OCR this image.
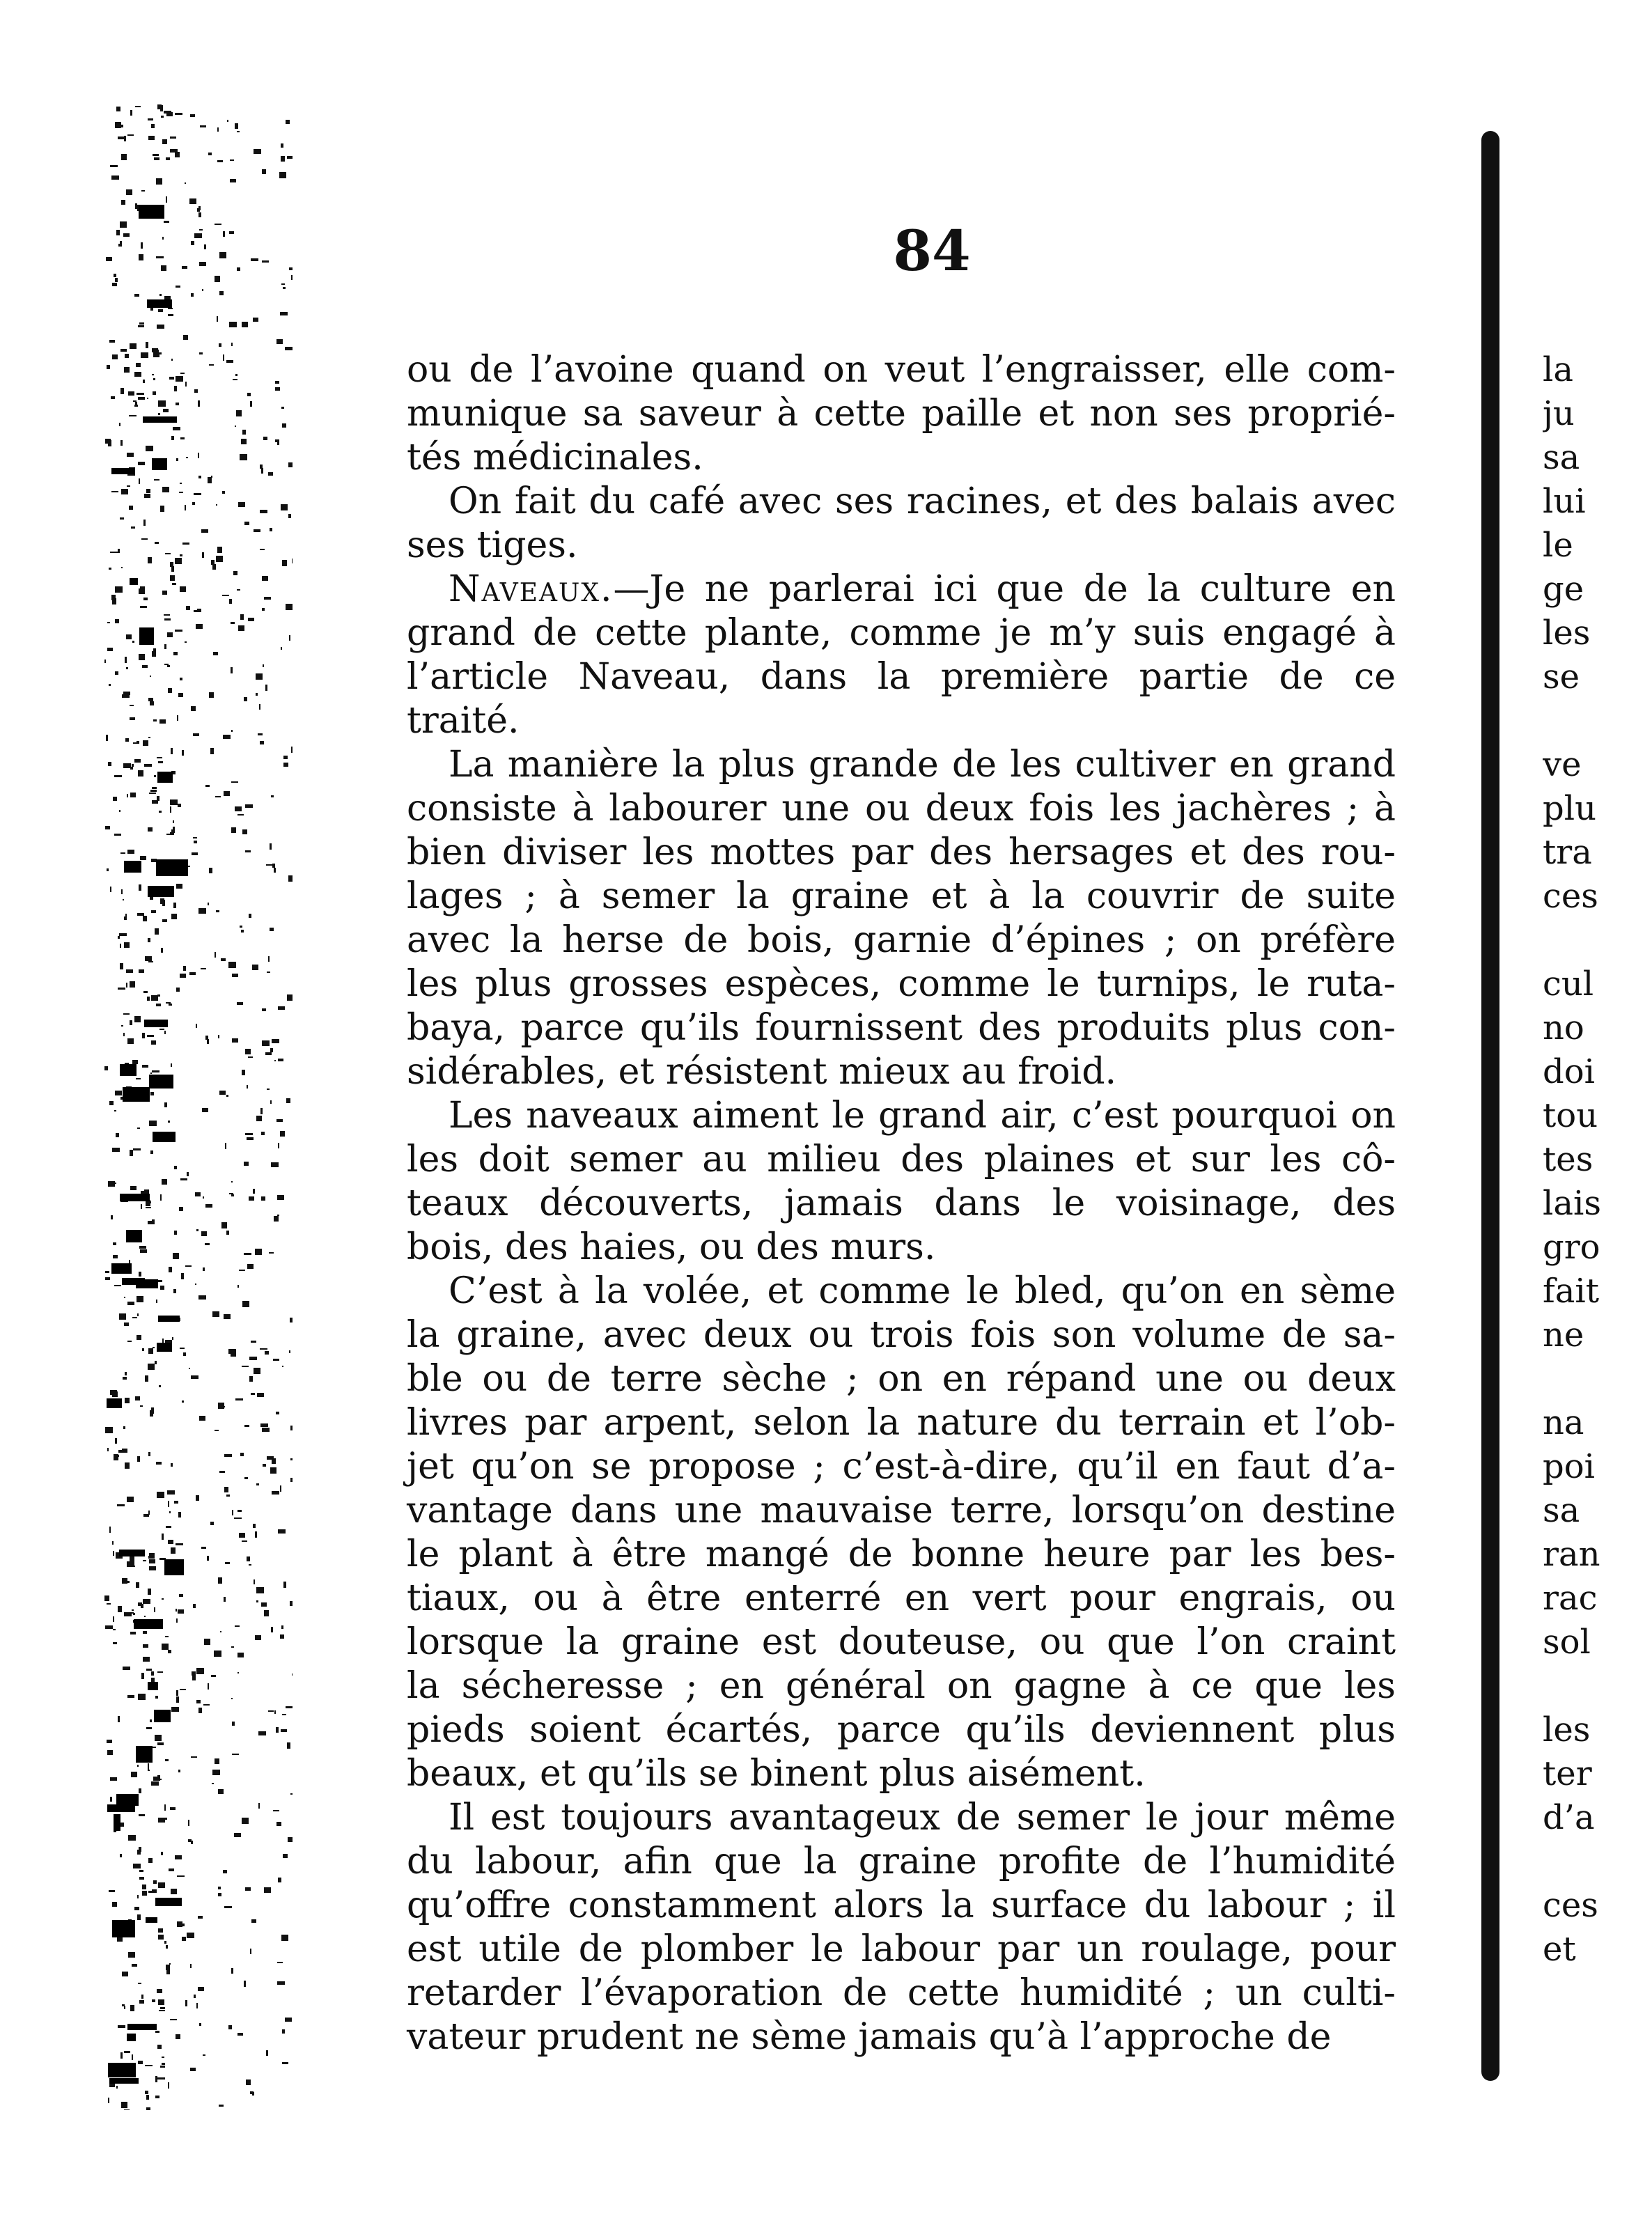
84

ou de l’avoine quand on veut l’engraisser, elle com-
munique sa saveur à cette paille et non ses proprié-
tés médicinales.

On fait du café avec ses racines, et des balais avec
ses tiges.

Naveaux.—Je ne parlerai ici que de la culture en
grand de cette plante, comme je m’y suis engagé à
l’article Naveau, dans la première partie de ce
traité.

La manière la plus grande de les cultiver en grand
consiste à labourer une ou deux fois les jachères ; à
bien diviser les mottes par des hersages et des rou-
lages ; à semer la graine et à la couvrir de suite
avec la herse de bois, garnie d’épines ; on préfère
les plus grosses espèces, comme le turnips, le ruta-
baya, parce qu’ils fournissent des produits plus con-
sidérables, et résistent mieux au froid.

Les naveaux aiment le grand air, c’est pourquoi on
les doit semer au milieu des plaines et sur les cô-
teaux découverts, jamais dans le voisinage, des
bois, des haies, ou des murs.

C’est à la volée, et comme le bled, qu’on en sème
la graine, avec deux ou trois fois son volume de sa-
ble ou de terre sèche ; on en répand une ou deux
livres par arpent, selon la nature du terrain et l’ob-
jet qu’on se propose ; c’est-à-dire, qu’il en faut d’a-
vantage dans une mauvaise terre, lorsqu’on destine
le plant à être mangé de bonne heure par les bes-
tiaux, ou à être enterré en vert pour engrais, ou
lorsque la graine est douteuse, ou que l’on craint
la sécheresse ; en général on gagne à ce que les
pieds soient écartés, parce qu’ils deviennent plus
beaux, et qu’ils se binent plus aisément.

Il est toujours avantageux de semer le jour même
du labour, afin que la graine profite de l’humidité
qu’offre constamment alors la surface du labour ; il
est utile de plomber le labour par un roulage, pour
retarder l’évaporation de cette humidité ; un culti-
vateur prudent ne sème jamais qu’à l’approche de

la
ju
sa
lui
le
ge
les
se
ve
plu
tra
ces
cul
no
doi
tou
tes
lais
gro
fait
ne
na
poi
sa
ran
rac
sol
les
ter
d’a
ces
et
